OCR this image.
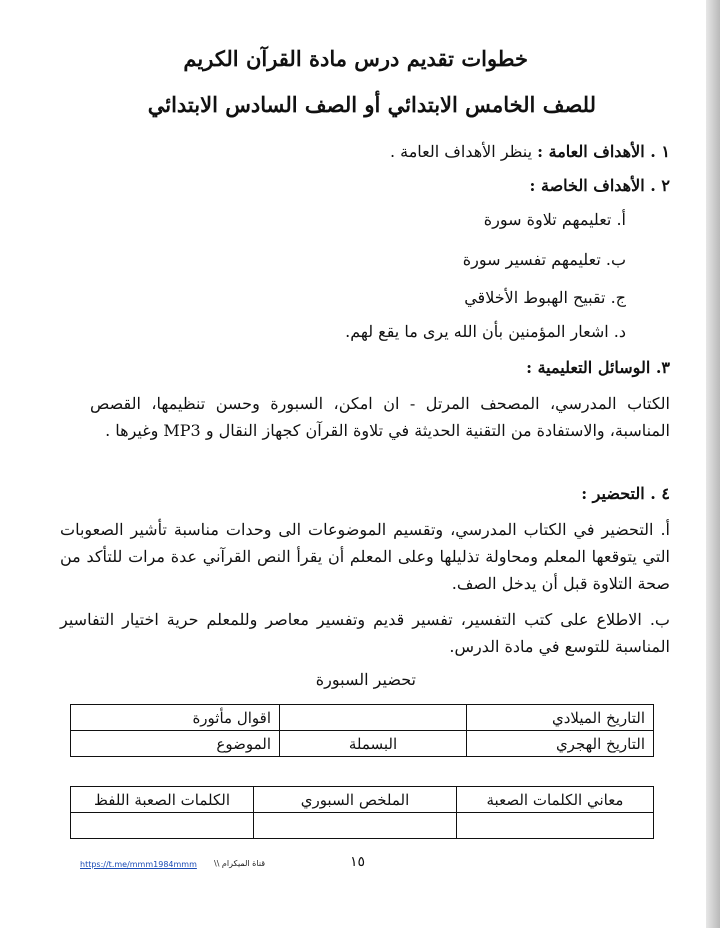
خطوات تقديم درس مادة القرآن الكريم
للصف الخامس الابتدائي أو الصف السادس الابتدائي
١ . الأهداف العامة : ينظر الأهداف العامة .
٢ . الأهداف الخاصة :
أ. تعليمهم تلاوة سورة
ب. تعليمهم تفسير سورة
ج. تقبيح الهبوط الأخلاقي
د. اشعار المؤمنين بأن الله يرى ما يقع لهم.
٣. الوسائل التعليمية :
الكتاب المدرسي، المصحف المرتل - ان امكن، السبورة وحسن تنظيمها، القصص المناسبة، والاستفادة من التقنية الحديثة في تلاوة القرآن كجهاز النقال و MP3 وغيرها .
٤ . التحضير :
أ. التحضير في الكتاب المدرسي، وتقسيم الموضوعات الى وحدات مناسبة تأشير الصعوبات التي يتوقعها المعلم ومحاولة تذليلها وعلى المعلم أن يقرأ النص القرآني عدة مرات للتأكد من صحة التلاوة قبل أن يدخل الصف.
ب. الاطلاع على كتب التفسير، تفسير قديم وتفسير معاصر وللمعلم حرية اختيار التفاسير المناسبة للتوسع في مادة الدرس.
تحضير السبورة
التاريخ الميلادي		اقوال مأثورة
التاريخ الهجري	البسملة	الموضوع
معاني الكلمات الصعبة	الملخص السبوري	الكلمات الصعبة اللفظ

https://t.me/mmm1984mmm قناة الميكرام \\	١٥
